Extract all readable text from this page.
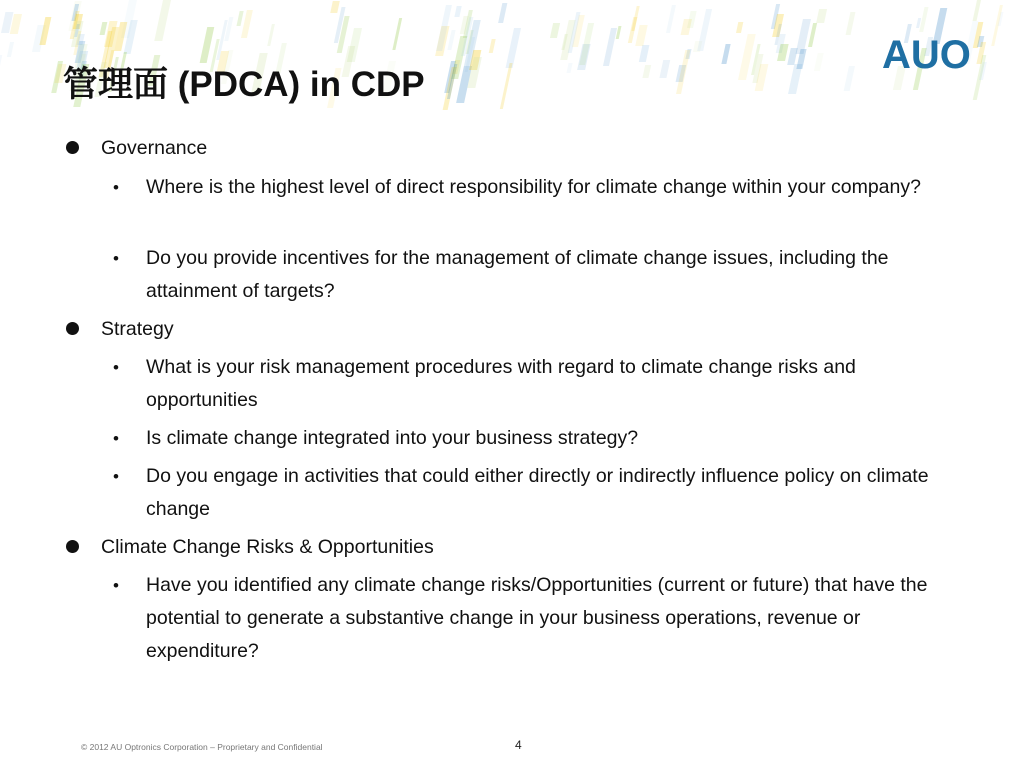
AUO
管理面 (PDCA) in CDP
Governance
• Where is the highest level of direct responsibility for climate change within your company?
• Do you provide incentives for the management of climate change issues, including the attainment of targets?
Strategy
• What is your risk management procedures with regard to climate change risks and opportunities
• Is climate change integrated into your business strategy?
• Do you engage in activities that could either directly or indirectly influence policy on climate change
Climate Change Risks & Opportunities
• Have you identified any climate change risks/Opportunities (current or future) that have the potential to generate a substantive change in your business operations, revenue or expenditure?
© 2012 AU Optronics Corporation – Proprietary and Confidential	4
